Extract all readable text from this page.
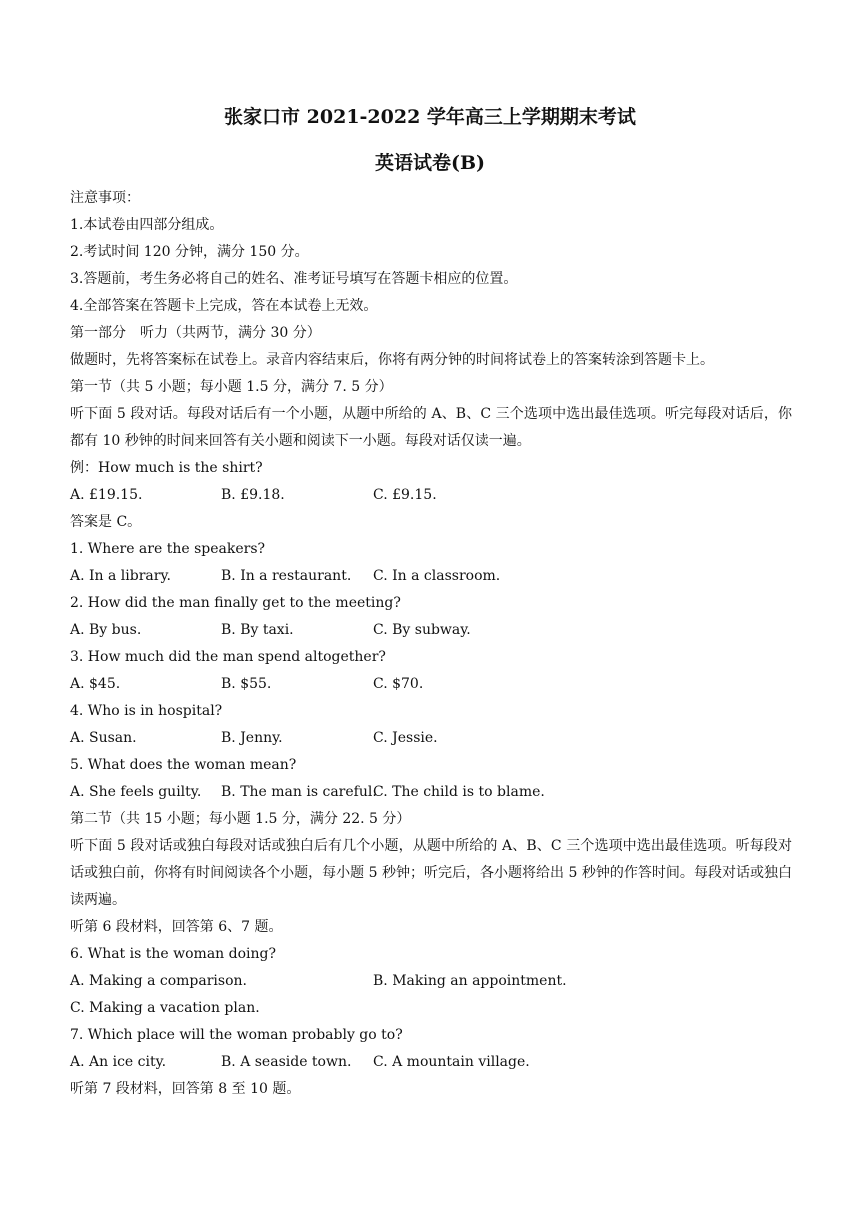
张家口市 2021-2022 学年高三上学期期末考试
英语试卷(B)
注意事项：
1.本试卷由四部分组成。
2.考试时间 120 分钟，满分 150 分。
3.答题前，考生务必将自己的姓名、准考证号填写在答题卡相应的位置。
4.全部答案在答题卡上完成，答在本试卷上无效。
第一部分　听力（共两节，满分 30 分）
做题时，先将答案标在试卷上。录音内容结束后，你将有两分钟的时间将试卷上的答案转涂到答题卡上。
第一节（共 5 小题；每小题 1.5 分，满分 7. 5 分）
听下面 5 段对话。每段对话后有一个小题，从题中所给的 A、B、C 三个选项中选出最佳选项。听完每段对话后，你都有 10 秒钟的时间来回答有关小题和阅读下一小题。每段对话仅读一遍。
例：How much is the shirt?
A. £19.15.	B. £9.18.	C. £9.15.
答案是 C。
1. Where are the speakers?
A. In a library.	B. In a restaurant. C. In a classroom.
2. How did the man finally get to the meeting?
A. By bus.	B. By taxi.	C. By subway.
3. How much did the man spend altogether?
A. $45.	B. $55.	C. $70.
4. Who is in hospital?
A. Susan.	B. Jenny.	C. Jessie.
5. What does the woman mean?
A. She feels guilty. B. The man is careful.
C. The child is to blame.
第二节（共 15 小题；每小题 1.5 分，满分 22. 5 分）
听下面 5 段对话或独白每段对话或独白后有几个小题，从题中所给的 A、B、C 三个选项中选出最佳选项。听每段对话或独白前，你将有时间阅读各个小题，每小题 5 秒钟；听完后，各小题将给出 5 秒钟的作答时间。每段对话或独白读两遍。
听第 6 段材料，回答第 6、7 题。
6. What is the woman doing?
A. Making a comparison.	B. Making an appointment.
C. Making a vacation plan.
7. Which place will the woman probably go to?
A. An ice city.	B. A seaside town. C. A mountain village.
听第 7 段材料，回答第 8 至 10 题。
